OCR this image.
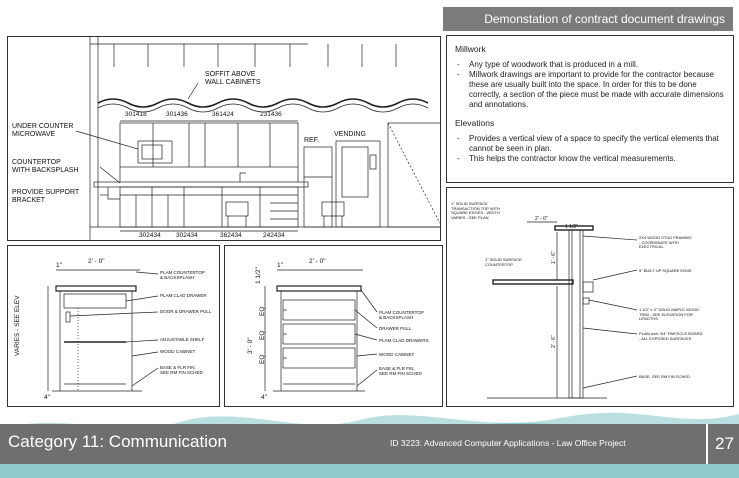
Demonstation of contract document drawings
SOFFIT ABOVE
WALL CABINETS
UNDER COUNTER
MICROWAVE
COUNTERTOP
WITH BACKSPLASH
PROVIDE SUPPORT
BRACKET
REF.
VENDING
301418	301436	361424	231436
302434 302434	362434	242434
Millwork
- Any type of woodwork that is produced in a mill.
- Millwork drawings are important to provide for the contractor because these are usually built into the space. In order for this to be done correctly, a section of the piece must be made with accurate dimensions and annotations.
Elevations
- Provides a vertical view of a space to specify the vertical elements that cannot be seen in plan.
- This helps the contractor know the vertical measurements.
2' - 0"
1"
VARIES - SEE ELEV
4"
PLAM COUNTERTOP
& BACKSPLASH
PLAM CLAD DRAWER
DOOR & DRAWER PULL
ADJUSTABLE SHELF
WOOD CABINET
BASE & FLR FIN,
SEE RM FIN SCHED
2' - 0"
1"
1 1/2"
3' - 0"
EQ
EQ
EQ
4"
PLAM COUNTERTOP
& BACKSPLASH
DRAWER PULL
PLAM CLAD DRAWERS
WOOD CABINET
BASE & FLR FIN,
SEE RM FIN SCHED
2' - 0"
1 1/2"
1' - 6"
2' - 6"
1" SOLID SURFACE
TRANSACTION TOP WITH
SQUARE EDGES - WIDTH
VARIES - SEE PLAN
1" SOLID SURFACE
COUNTERTOP
2X4 WOOD STUD FRAMING
- COORDINATE WITH
ELECTRICAL
5" BUILT UP SQUARE EDGE
1 1/2" x 3" SOLID MAPLE WOOD
TRIM - SEE ELEVATION FOR
LENGTHS
PLAM over 3/4" PARTICLE BOARD
- ALL EXPOSED SURFACES
BASE, SEE RM FIN SCHED
Category 11: Communication	ID 3223: Advanced Computer Applications - Law Office Project	27
